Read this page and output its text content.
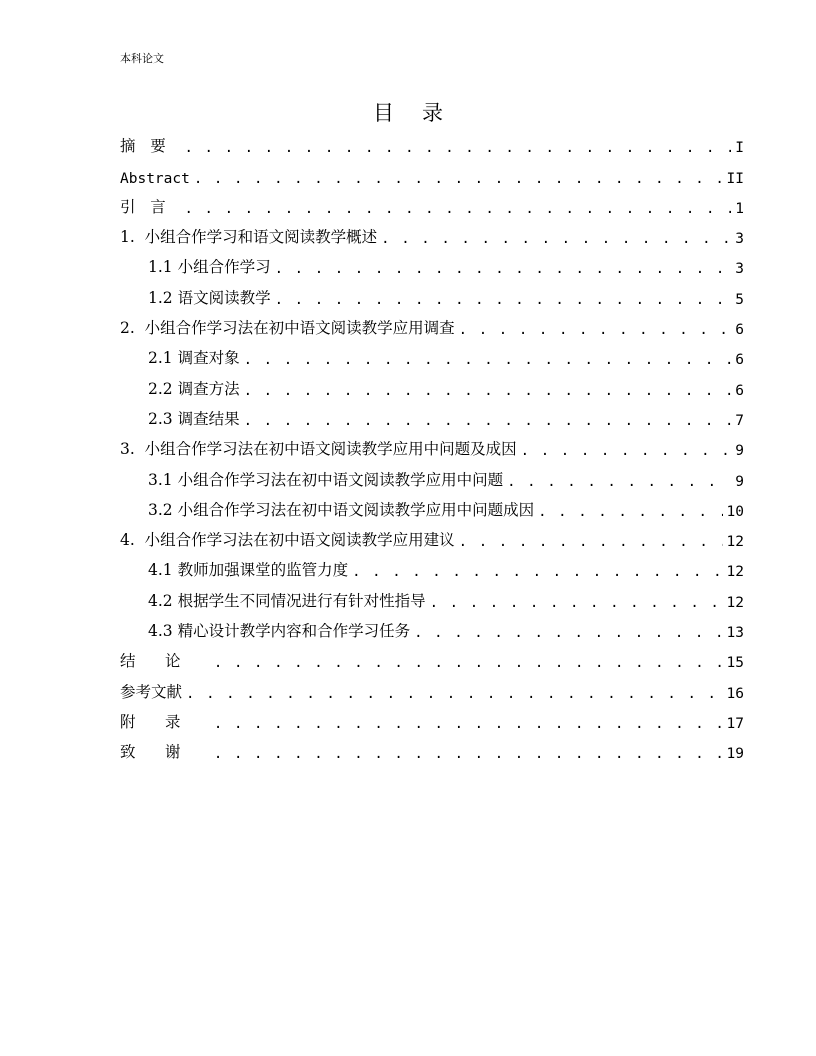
本科论文
目录
摘要 . . .	I
Abstract . . .	II
引言 . . .	1
1.  小组合作学习和语文阅读教学概述 . . .	3
1.1 小组合作学习 . . .	3
1.2 语文阅读教学 . . .	5
2.  小组合作学习法在初中语文阅读教学应用调查 . . .	6
2.1 调查对象 . . .	6
2.2 调查方法 . . .	6
2.3 调查结果 . . .	7
3.  小组合作学习法在初中语文阅读教学应用中问题及成因 . . .	9
3.1 小组合作学习法在初中语文阅读教学应用中问题 . . .	9
3.2 小组合作学习法在初中语文阅读教学应用中问题成因 . . .	10
4.  小组合作学习法在初中语文阅读教学应用建议 . . .	12
4.1 教师加强课堂的监管力度 . . .	12
4.2 根据学生不同情况进行有针对性指导 . . .	12
4.3 精心设计教学内容和合作学习任务 . . .	13
结论 . . .	15
参考文献 . . .	16
附录 . . .	17
致谢 . . .	19
